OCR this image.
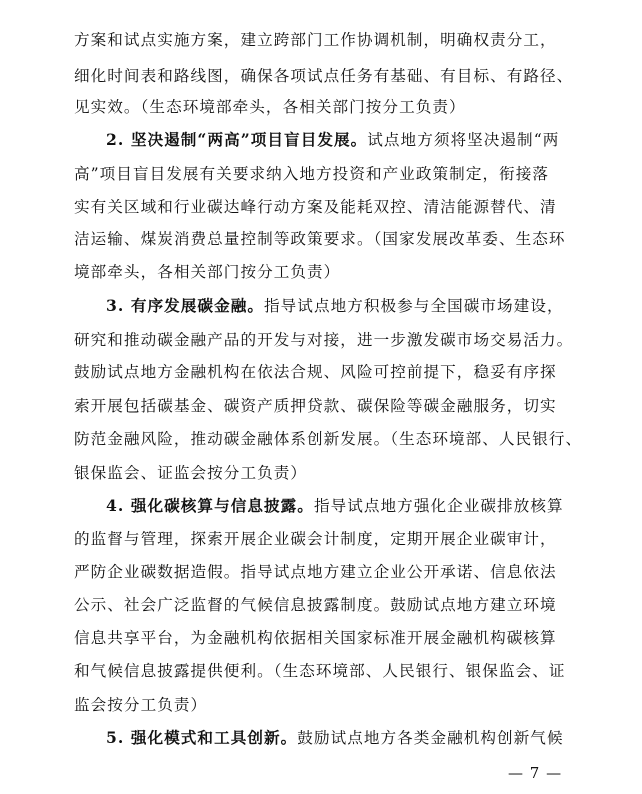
方案和试点实施方案，建立跨部门工作协调机制，明确权责分工，
细化时间表和路线图，确保各项试点任务有基础、有目标、有路径、
见实效。（生态环境部牵头，各相关部门按分工负责）
2. 坚决遏制“两高”项目盲目发展。试点地方须将坚决遏制“两
高”项目盲目发展有关要求纳入地方投资和产业政策制定，衔接落
实有关区域和行业碳达峰行动方案及能耗双控、清洁能源替代、清
洁运输、煤炭消费总量控制等政策要求。（国家发展改革委、生态环
境部牵头，各相关部门按分工负责）
3. 有序发展碳金融。指导试点地方积极参与全国碳市场建设，
研究和推动碳金融产品的开发与对接，进一步激发碳市场交易活力。
鼓励试点地方金融机构在依法合规、风险可控前提下，稳妥有序探
索开展包括碳基金、碳资产质押贷款、碳保险等碳金融服务，切实
防范金融风险，推动碳金融体系创新发展。（生态环境部、人民银行、
银保监会、证监会按分工负责）
4. 强化碳核算与信息披露。指导试点地方强化企业碳排放核算
的监督与管理，探索开展企业碳会计制度，定期开展企业碳审计，
严防企业碳数据造假。指导试点地方建立企业公开承诺、信息依法
公示、社会广泛监督的气候信息披露制度。鼓励试点地方建立环境
信息共享平台，为金融机构依据相关国家标准开展金融机构碳核算
和气候信息披露提供便利。（生态环境部、人民银行、银保监会、证
监会按分工负责）
5. 强化模式和工具创新。鼓励试点地方各类金融机构创新气候
— 7 —
